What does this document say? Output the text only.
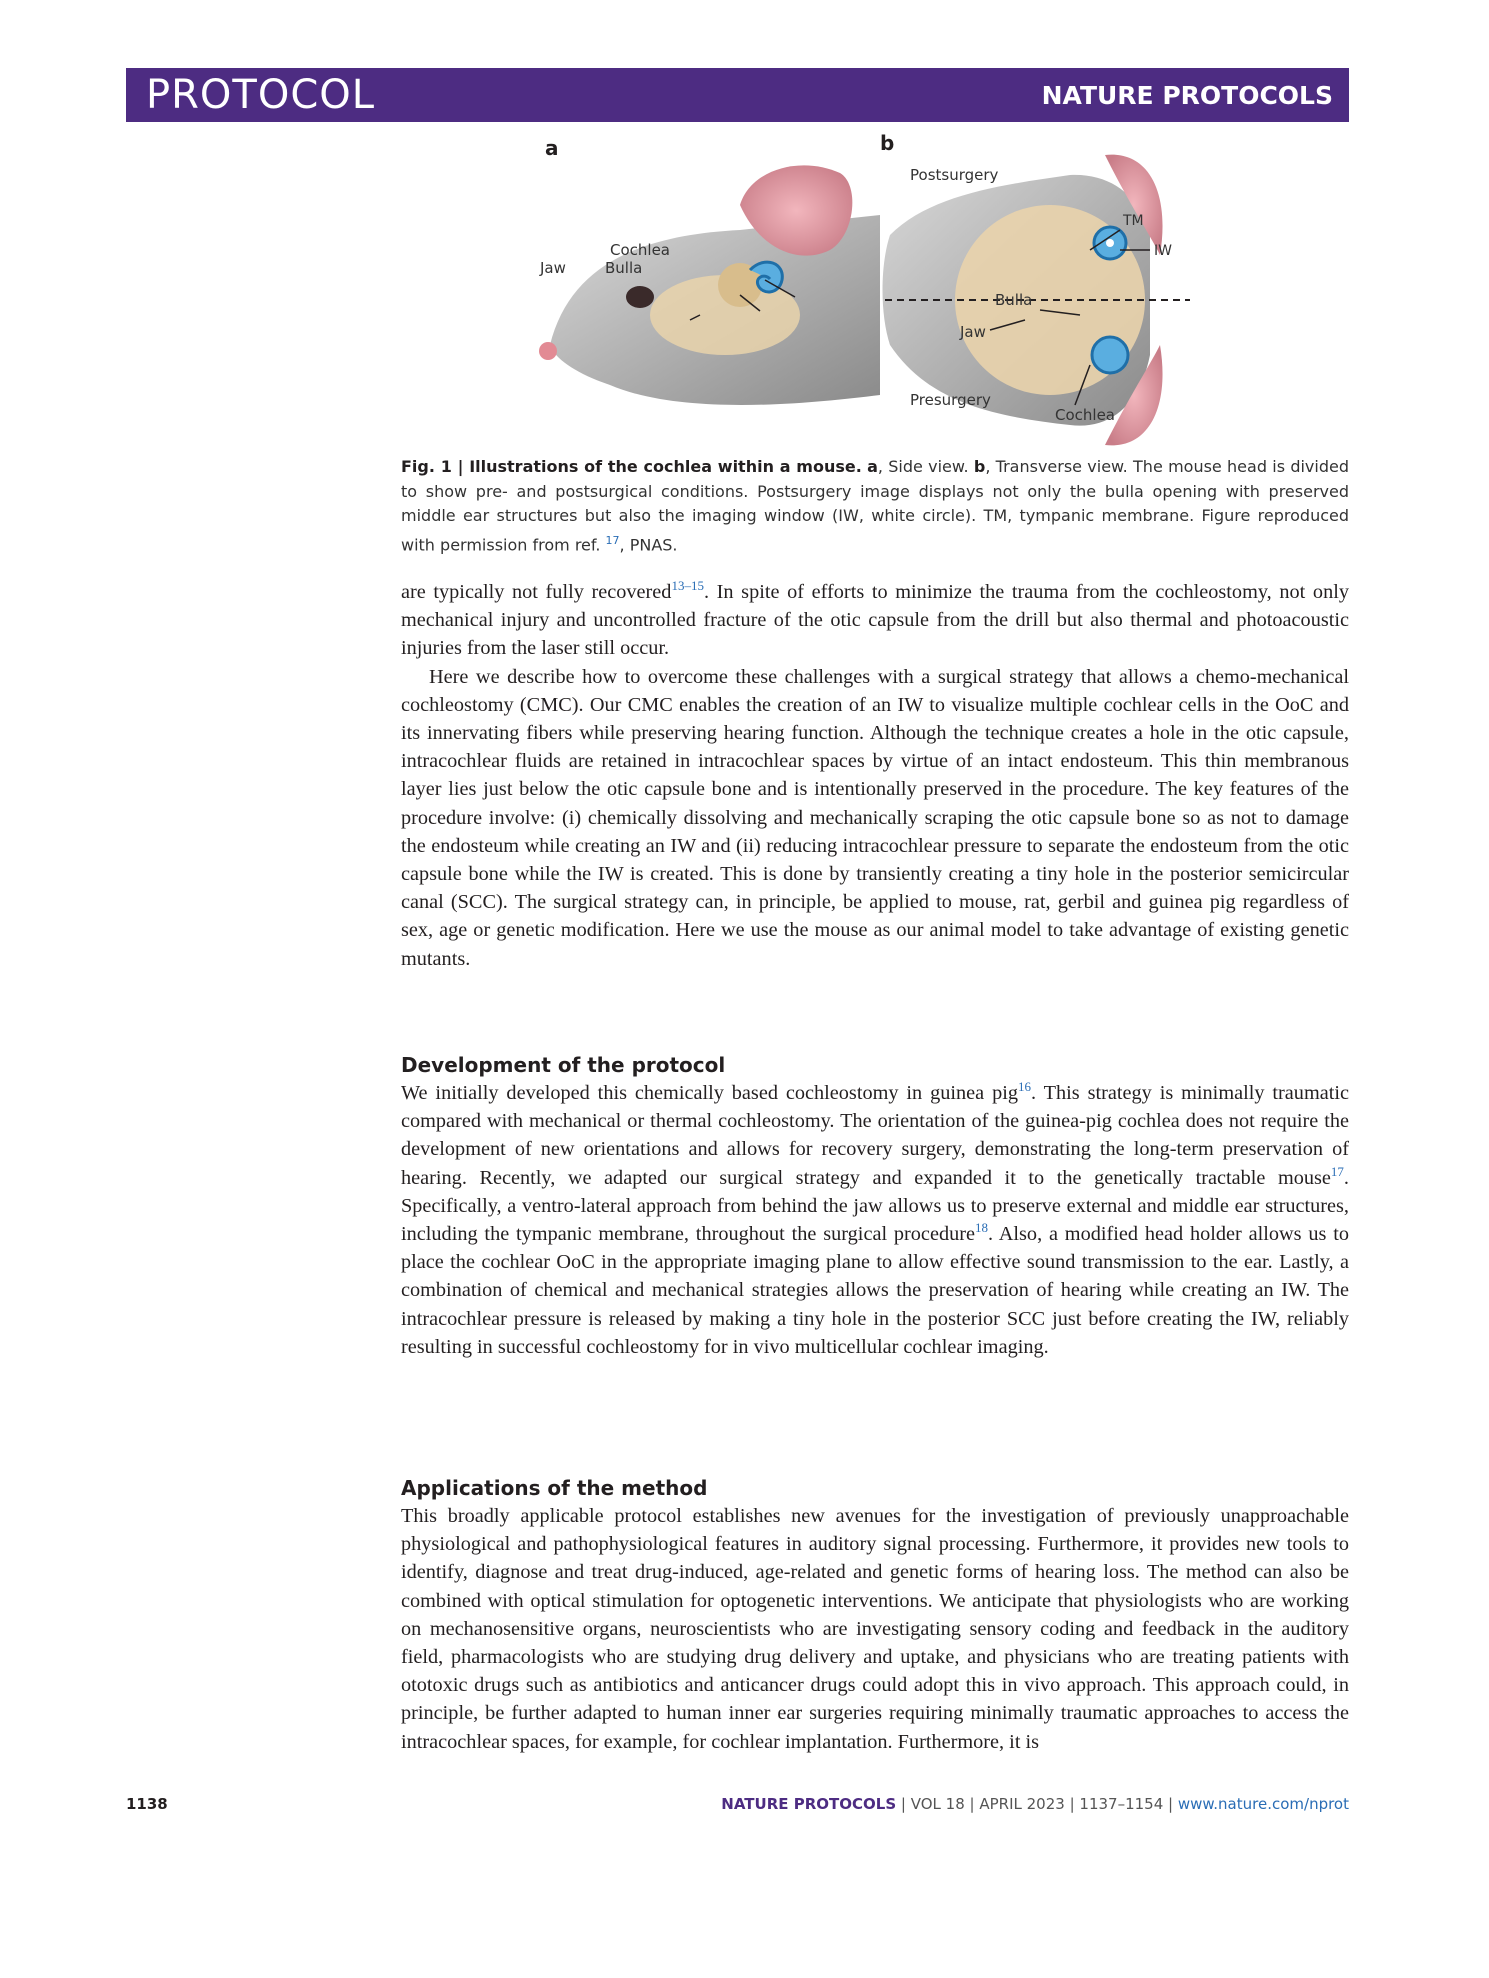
PROTOCOL	NATURE PROTOCOLS
a
Cochlea
Jaw	Bulla
b
Postsurgery
Presurgery
TM
IW
Bulla
Jaw
Cochlea
Fig. 1 | Illustrations of the cochlea within a mouse. a, Side view. b, Transverse view. The mouse head is divided to show pre- and postsurgical conditions. Postsurgery image displays not only the bulla opening with preserved middle ear structures but also the imaging window (IW, white circle). TM, tympanic membrane. Figure reproduced with permission from ref. $^{17}$, PNAS.

are typically not fully recovered$^{13-15}$. In spite of efforts to minimize the trauma from the cochleostomy, not only mechanical injury and uncontrolled fracture of the otic capsule from the drill but also thermal and photoacoustic injuries from the laser still occur.

Here we describe how to overcome these challenges with a surgical strategy that allows a chemo-mechanical cochleostomy (CMC). Our CMC enables the creation of an IW to visualize multiple cochlear cells in the OoC and its innervating fibers while preserving hearing function. Although the technique creates a hole in the otic capsule, intracochlear fluids are retained in intracochlear spaces by virtue of an intact endosteum. This thin membranous layer lies just below the otic capsule bone and is intentionally preserved in the procedure. The key features of the procedure involve: (i) chemically dissolving and mechanically scraping the otic capsule bone so as not to damage the endosteum while creating an IW and (ii) reducing intracochlear pressure to separate the endosteum from the otic capsule bone while the IW is created. This is done by transiently creating a tiny hole in the posterior semicircular canal (SCC). The surgical strategy can, in principle, be applied to mouse, rat, gerbil and guinea pig regardless of sex, age or genetic modification. Here we use the mouse as our animal model to take advantage of existing genetic mutants.

Development of the protocol

We initially developed this chemically based cochleostomy in guinea pig$^{16}$. This strategy is minimally traumatic compared with mechanical or thermal cochleostomy. The orientation of the guinea-pig cochlea does not require the development of new orientations and allows for recovery surgery, demonstrating the long-term preservation of hearing. Recently, we adapted our surgical strategy and expanded it to the genetically tractable mouse$^{17}$. Specifically, a ventro-lateral approach from behind the jaw allows us to preserve external and middle ear structures, including the tympanic membrane, throughout the surgical procedure$^{18}$. Also, a modified head holder allows us to place the cochlear OoC in the appropriate imaging plane to allow effective sound transmission to the ear. Lastly, a combination of chemical and mechanical strategies allows the preservation of hearing while creating an IW. The intracochlear pressure is released by making a tiny hole in the posterior SCC just before creating the IW, reliably resulting in successful cochleostomy for in vivo multicellular cochlear imaging.

Applications of the method

This broadly applicable protocol establishes new avenues for the investigation of previously unapproachable physiological and pathophysiological features in auditory signal processing. Furthermore, it provides new tools to identify, diagnose and treat drug-induced, age-related and genetic forms of hearing loss. The method can also be combined with optical stimulation for optogenetic interventions. We anticipate that physiologists who are working on mechanosensitive organs, neuroscientists who are investigating sensory coding and feedback in the auditory field, pharmacologists who are studying drug delivery and uptake, and physicians who are treating patients with ototoxic drugs such as antibiotics and anticancer drugs could adopt this in vivo approach. This approach could, in principle, be further adapted to human inner ear surgeries requiring minimally traumatic approaches to access the intracochlear spaces, for example, for cochlear implantation. Furthermore, it is

1138	NATURE PROTOCOLS | VOL 18 | APRIL 2023 | 1137–1154 | www.nature.com/nprot
